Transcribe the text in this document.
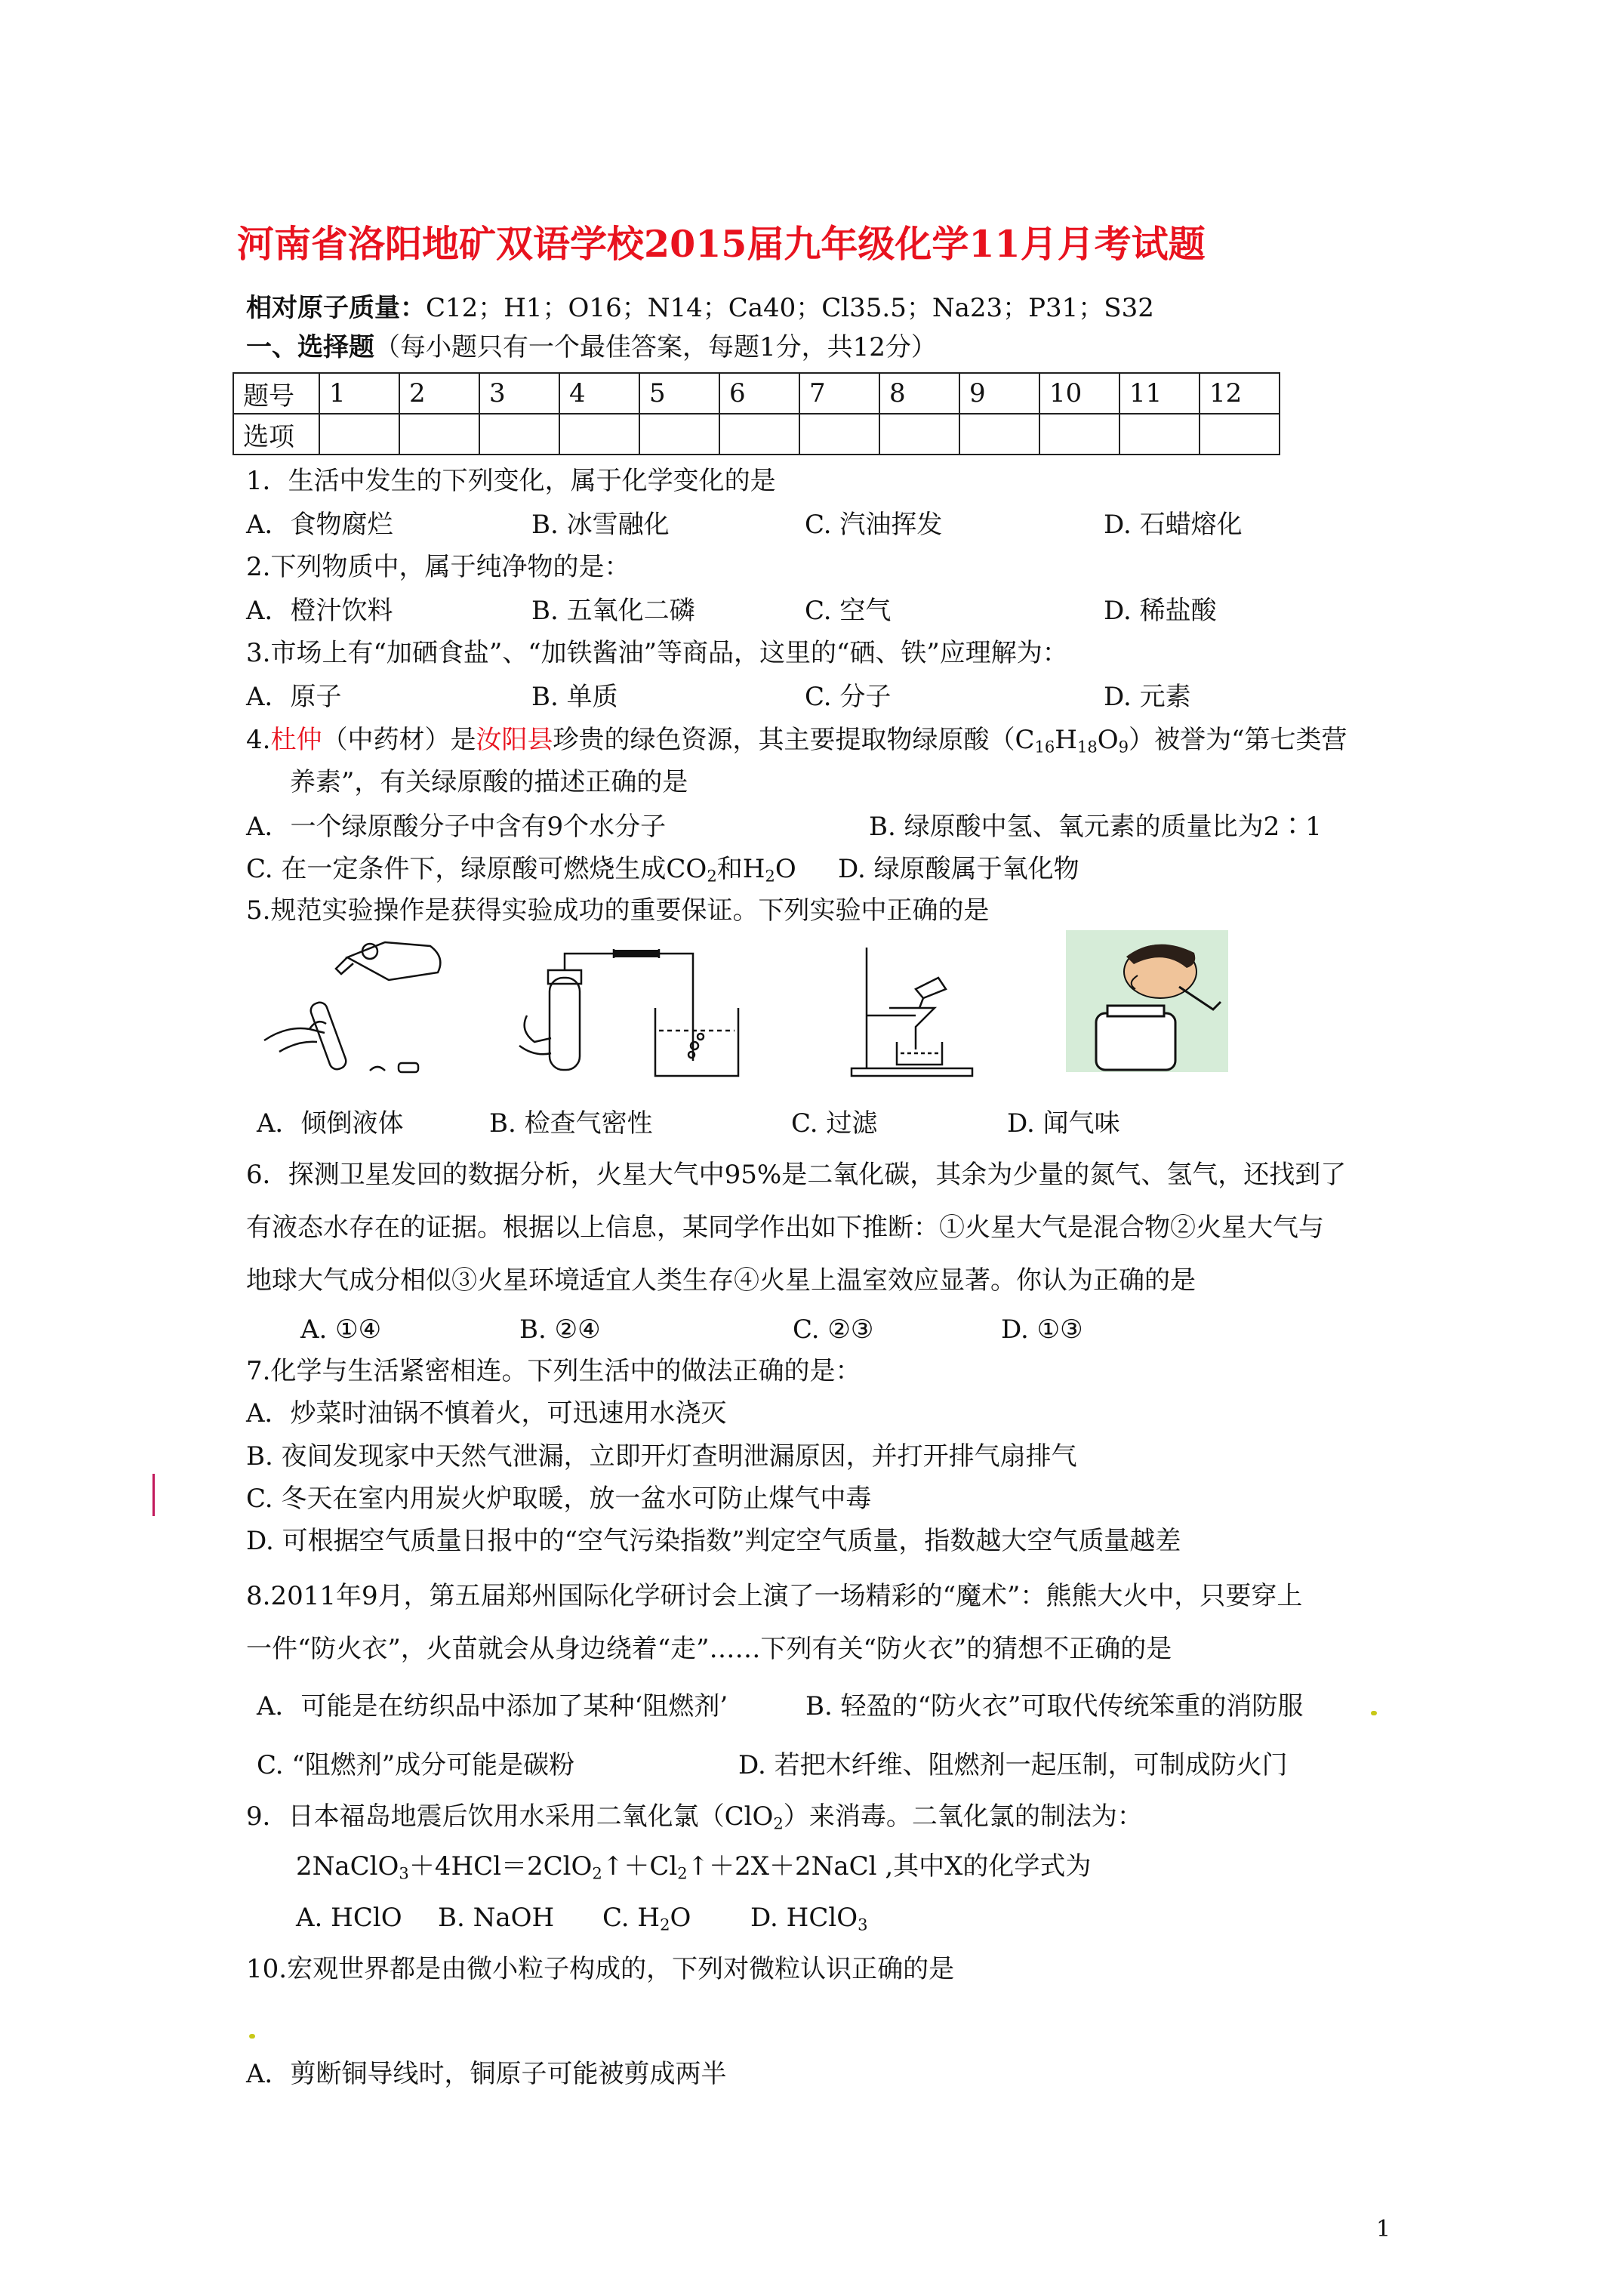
河南省洛阳地矿双语学校2015届九年级化学11月月考试题
相对原子质量：C12；H1；O16；N14；Ca40；Cl35.5；Na23；P31；S32
一、选择题（每小题只有一个最佳答案，每题1分，共12分）
题号	1	2	3	4	5	6	7	8	9	10	11	12
选项												
1．生活中发生的下列变化，属于化学变化的是
A．食物腐烂	B. 冰雪融化	C. 汽油挥发	D. 石蜡熔化
2.下列物质中，属于纯净物的是：
A．橙汁饮料	B. 五氧化二磷	C. 空气	D. 稀盐酸
3.市场上有“加硒食盐”、“加铁酱油”等商品，这里的“硒、铁”应理解为：
A．原子	B. 单质	C. 分子	D. 元素
4.杜仲（中药材）是汝阳县珍贵的绿色资源，其主要提取物绿原酸$(C_{16}H_{18}O_9)$被誉为“第七类营
养素”，有关绿原酸的描述正确的是
A．一个绿原酸分子中含有9个水分子	B. 绿原酸中氢、氧元素的质量比为2∶1
C. 在一定条件下，绿原酸可燃烧生成$CO_2$和$H_2O$ D. 绿原酸属于氧化物
5.规范实验操作是获得实验成功的重要保证。下列实验中正确的是
A．倾倒液体	B. 检查气密性	C. 过滤	D. 闻气味
6．探测卫星发回的数据分析，火星大气中95%是二氧化碳，其余为少量的氮气、氢气，还找到了
有液态水存在的证据。根据以上信息，某同学作出如下推断：①火星大气是混合物②火星大气与
地球大气成分相似③火星环境适宜人类生存④火星上温室效应显著。你认为正确的是
A. ①④	B. ②④	C. ②③	D. ①③
7.化学与生活紧密相连。下列生活中的做法正确的是：
A．炒菜时油锅不慎着火，可迅速用水浇灭
B. 夜间发现家中天然气泄漏，立即开灯查明泄漏原因，并打开排气扇排气
C. 冬天在室内用炭火炉取暖，放一盆水可防止煤气中毒
D. 可根据空气质量日报中的“空气污染指数”判定空气质量，指数越大空气质量越差
8.2011年9月，第五届郑州国际化学研讨会上演了一场精彩的“魔术”：熊熊大火中，只要穿上
一件“防火衣”，火苗就会从身边绕着“走”……下列有关“防火衣”的猜想不正确的是
A．可能是在纺织品中添加了某种‘阻燃剂’	B. 轻盈的“防火衣”可取代传统笨重的消防服
C. “阻燃剂”成分可能是碳粉	D. 若把木纤维、阻燃剂一起压制，可制成防火门
9．日本福岛地震后饮用水采用二氧化氯（ClO$_2$）来消毒。二氧化氯的制法为：
$2NaClO_3+4HCl=2ClO_2↑+Cl_2↑+2X+2NaCl$ ,其中X的化学式为
A. HClO B. NaOH C. $H_2O$ D. HClO$_3$
10.宏观世界都是由微小粒子构成的，下列对微粒认识正确的是
A．剪断铜导线时，铜原子可能被剪成两半
1
